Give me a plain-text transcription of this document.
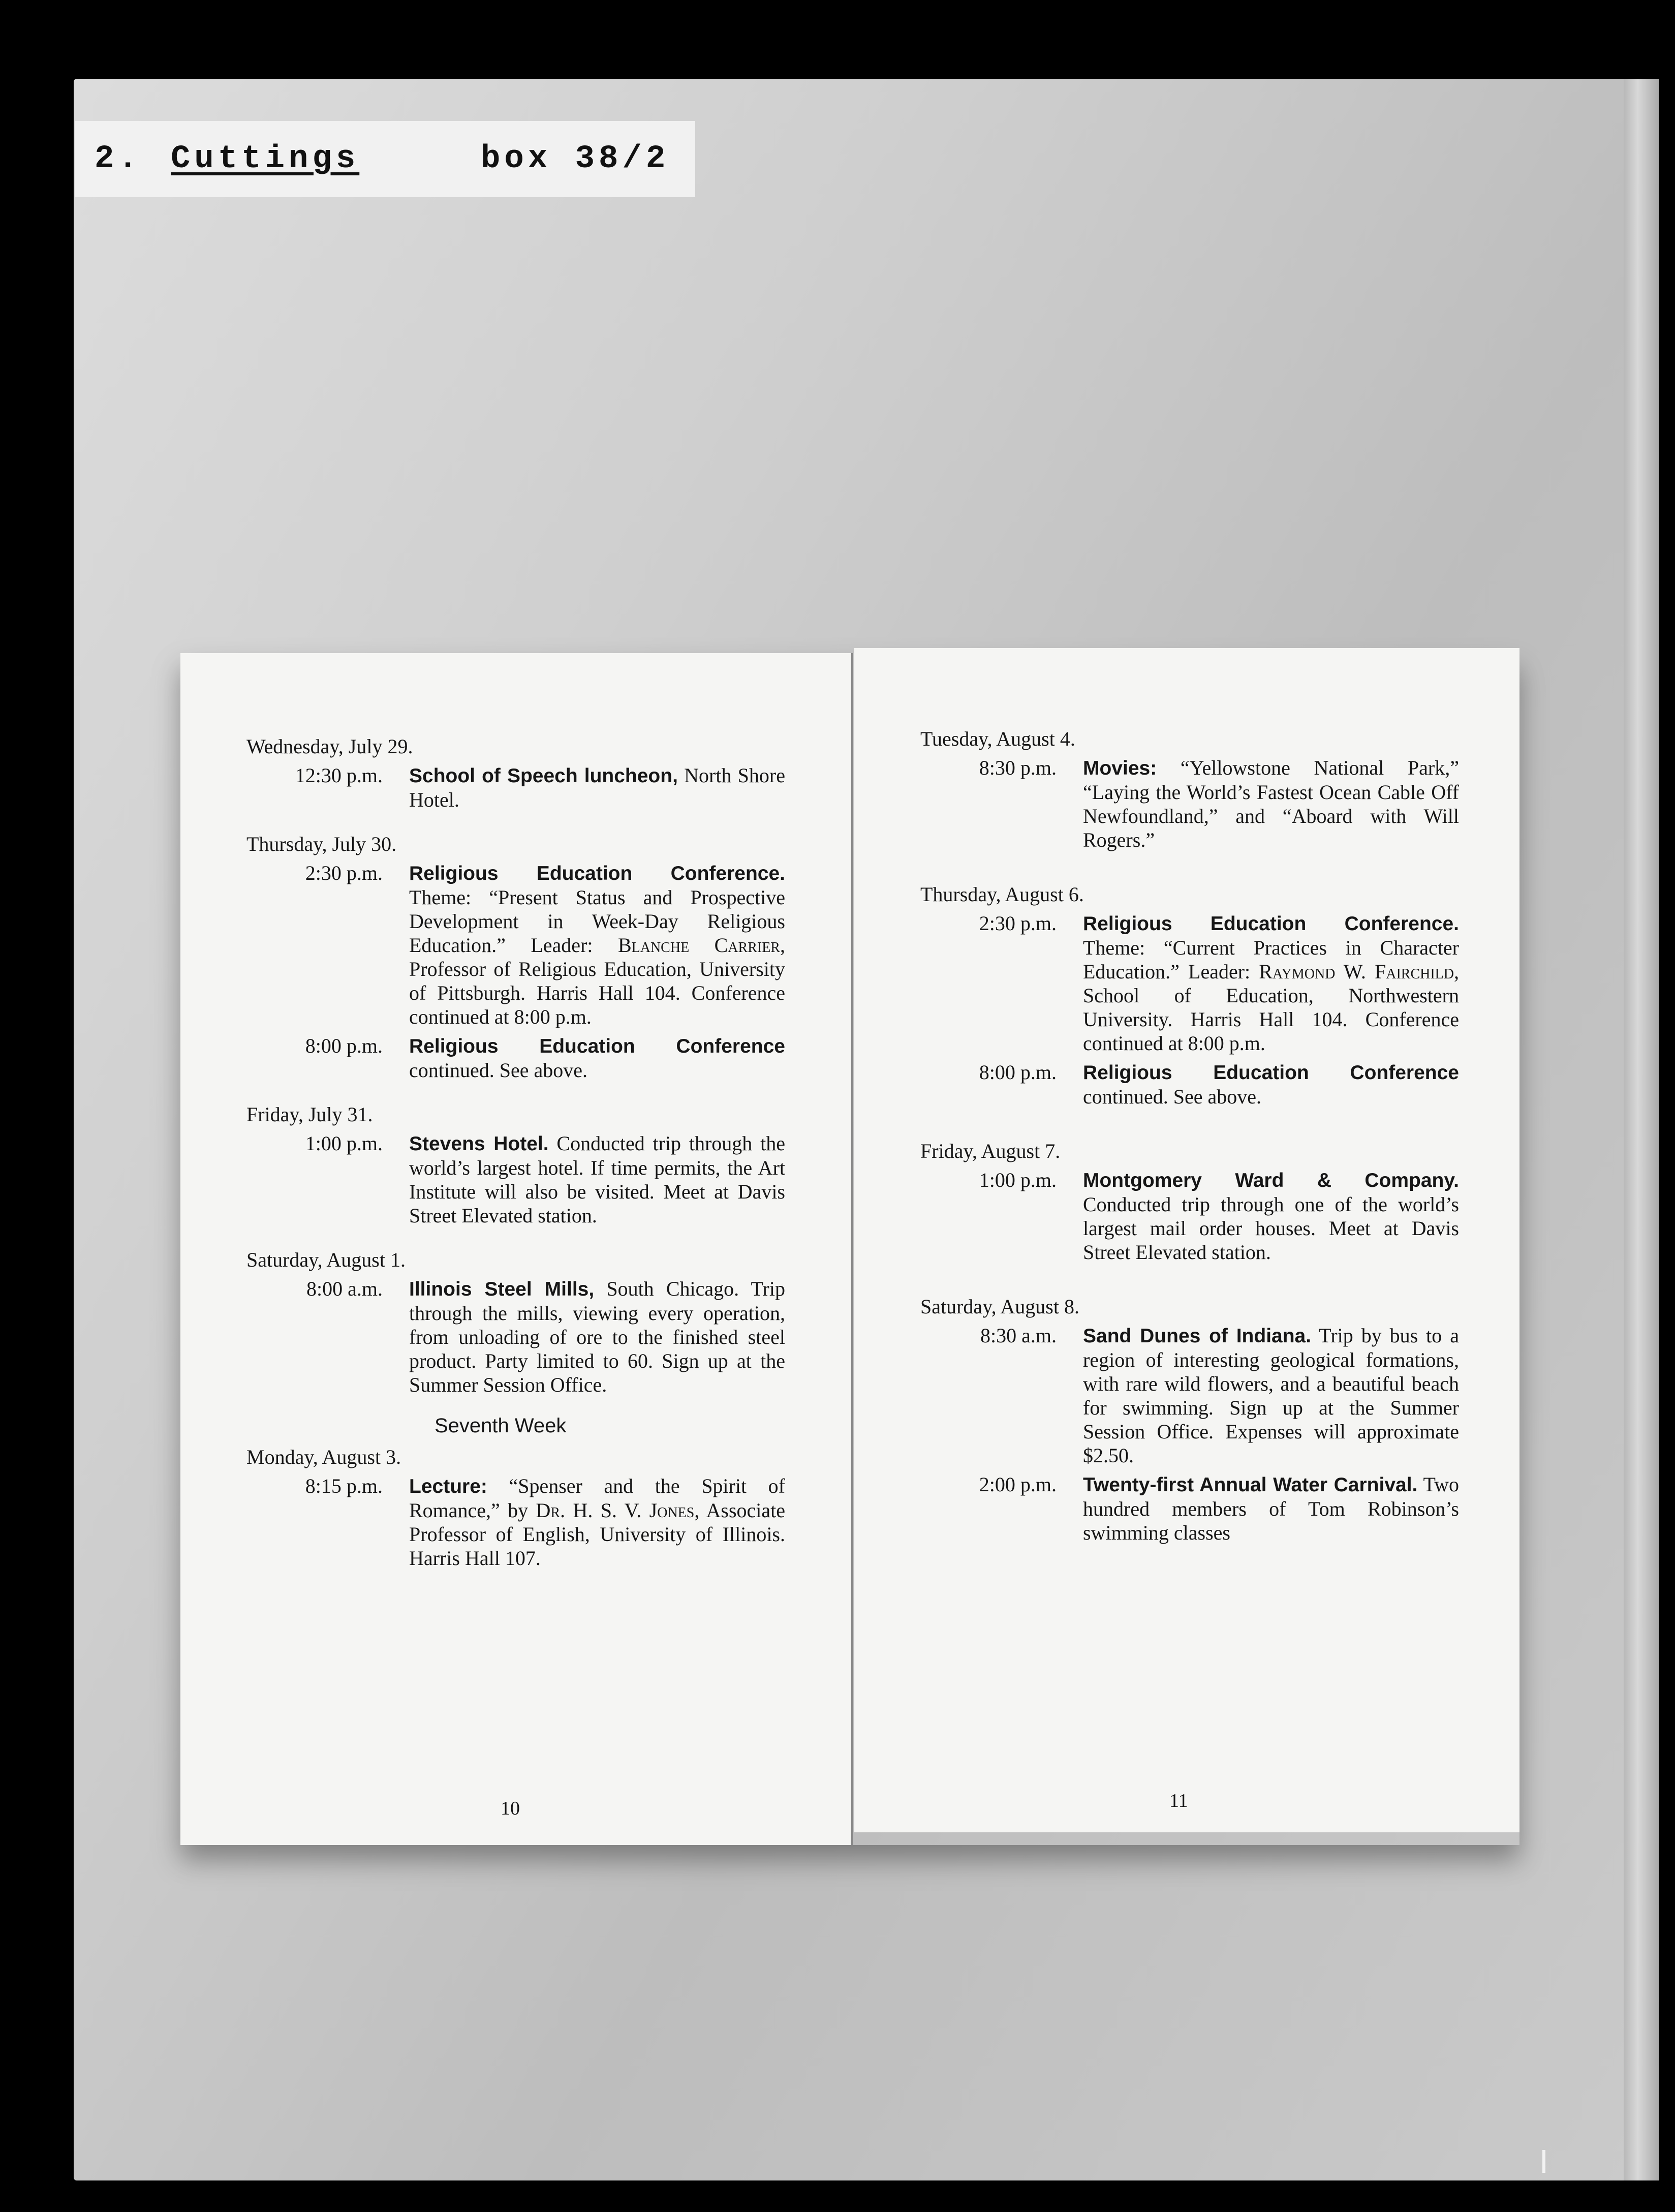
2. Cuttings	box 38/2
Wednesday, July 29.
12:30 p.m.	School of Speech luncheon, North Shore Hotel.
Thursday, July 30.
2:30 p.m.	Religious Education Conference. Theme: “Present Status and Prospective Development in Week-Day Religious Education.” Leader: Blanche Carrier, Professor of Religious Education, University of Pittsburgh. Harris Hall 104. Conference continued at 8:00 p.m.
8:00 p.m.	Religious Education Conference continued. See above.
Friday, July 31.
1:00 p.m.	Stevens Hotel. Conducted trip through the world’s largest hotel. If time permits, the Art Institute will also be visited. Meet at Davis Street Elevated station.
Saturday, August 1.
8:00 a.m.	Illinois Steel Mills, South Chicago. Trip through the mills, viewing every operation, from unloading of ore to the finished steel product. Party limited to 60. Sign up at the Summer Session Office.
Seventh Week
Monday, August 3.
8:15 p.m.	Lecture: “Spenser and the Spirit of Romance,” by Dr. H. S. V. Jones, Associate Professor of English, University of Illinois. Harris Hall 107.
10
Tuesday, August 4.
8:30 p.m.	Movies: “Yellowstone National Park,” “Laying the World’s Fastest Ocean Cable Off Newfoundland,” and “Aboard with Will Rogers.”
Thursday, August 6.
2:30 p.m.	Religious Education Conference. Theme: “Current Practices in Character Education.” Leader: Raymond W. Fairchild, School of Education, Northwestern University. Harris Hall 104. Conference continued at 8:00 p.m.
8:00 p.m.	Religious Education Conference continued. See above.
Friday, August 7.
1:00 p.m.	Montgomery Ward & Company. Conducted trip through one of the world’s largest mail order houses. Meet at Davis Street Elevated station.
Saturday, August 8.
8:30 a.m.	Sand Dunes of Indiana. Trip by bus to a region of interesting geological formations, with rare wild flowers, and a beautiful beach for swimming. Sign up at the Summer Session Office. Expenses will approximate $2.50.
2:00 p.m.	Twenty-first Annual Water Carnival. Two hundred members of Tom Robinson’s swimming classes
11
